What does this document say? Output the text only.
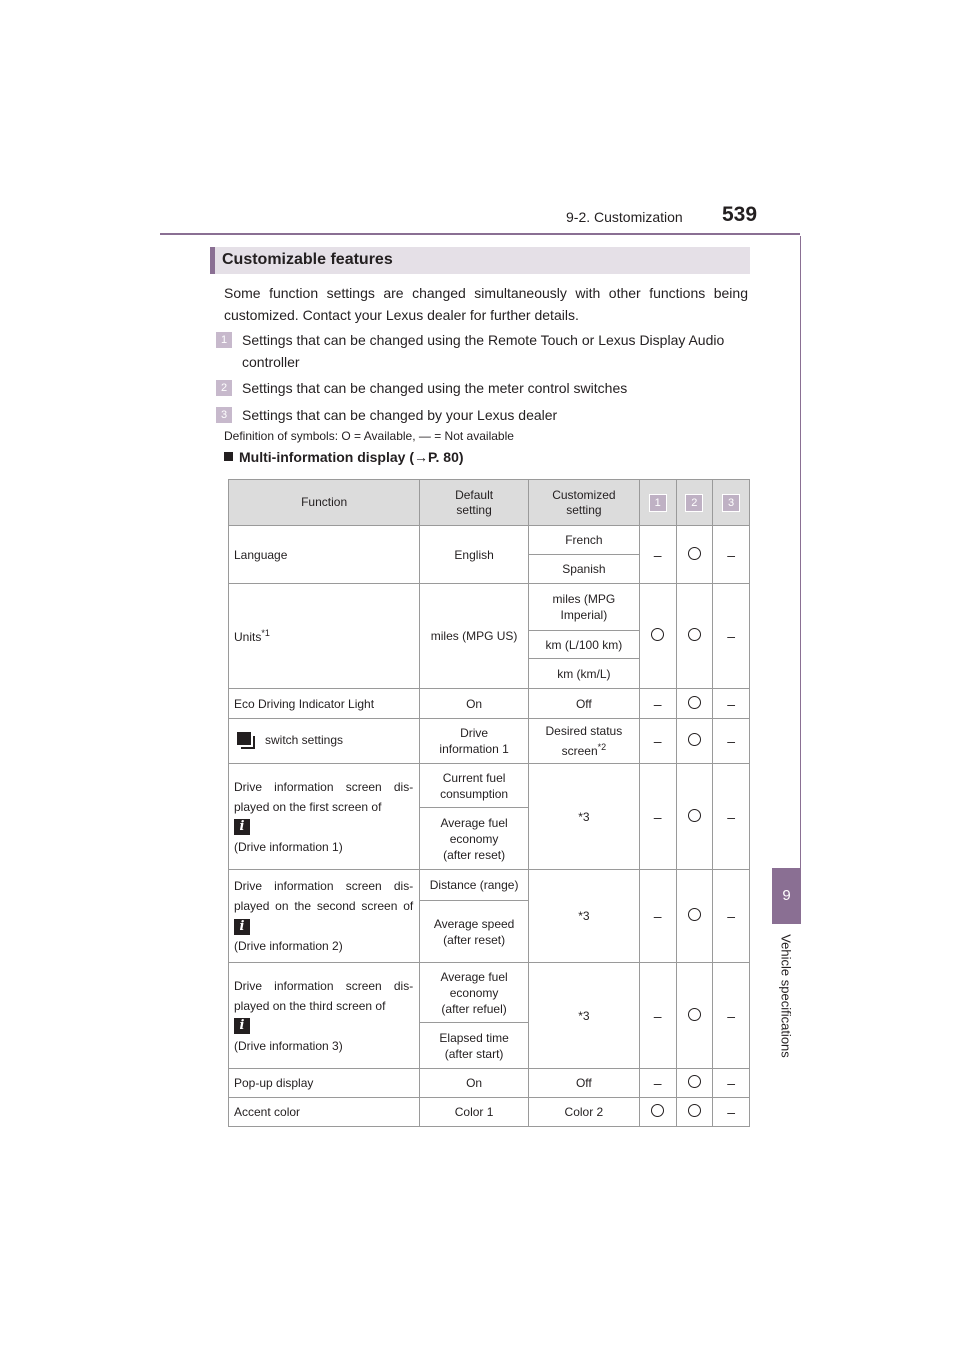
9-2. Customization 539
9
Vehicle specifications
Customizable features
Some function settings are changed simultaneously with other functions being customized. Contact your Lexus dealer for further details.
1	Settings that can be changed using the Remote Touch or Lexus Display Audio controller
2	Settings that can be changed using the meter control switches
3	Settings that can be changed by your Lexus dealer
Definition of symbols: O = Available, — = Not available
Multi-information display (→P. 80)
Function	Default setting	Customized setting	1	2	3
Language	English	French	–		–
		Spanish			
Units$^{*1}$	miles (MPG US)	miles (MPG Imperial)			–
		km (L/100 km)			
		km (km/L)			
Eco Driving Indicator Light	On	Off	–		–

switch settings	Drive information 1	Desired status screen$^{*2}$	–		–
Drive information screen dis-played on the first screen of
i
(Drive information 1)	Current fuel consumption	*3	–		–

	Average fuel economy (after reset)				

Drive information screen dis-played on the second screen of i
(Drive information 2)	Distance (range)	*3	–		–

	Average speed (after reset)				

Drive information screen dis-played on the third screen of
i
(Drive information 3)	Average fuel economy (after refuel)	*3	–		–

	Elapsed time (after start)				

Pop-up display	On	Off	–		–
Accent color	Color 1	Color 2			–
